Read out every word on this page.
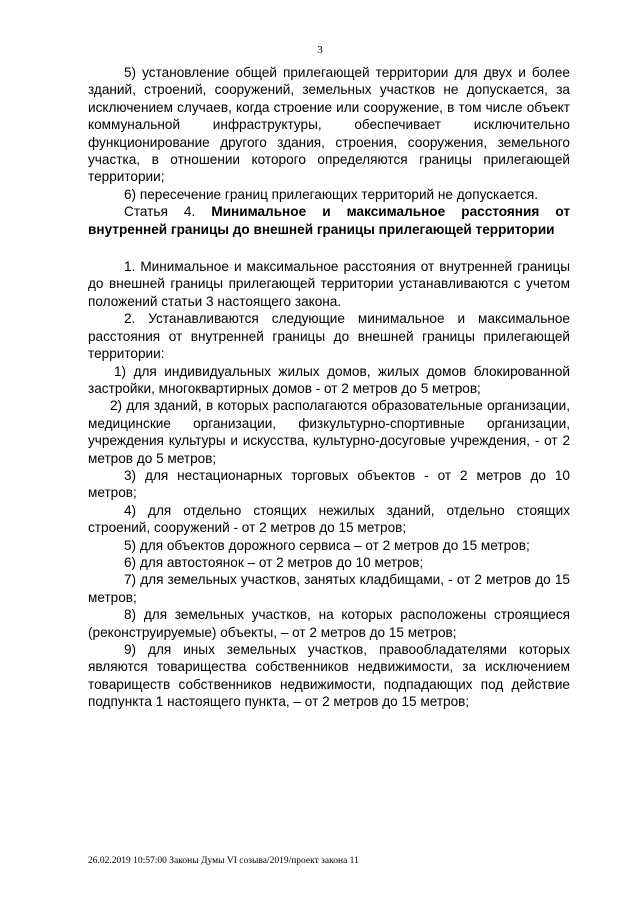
3

5) установление общей прилегающей территории для двух и более зданий, строений, сооружений, земельных участков не допускается, за исключением случаев, когда строение или сооружение, в том числе объект коммунальной инфраструктуры, обеспечивает исключительно функционирование другого здания, строения, сооружения, земельного участка, в отношении которого определяются границы прилегающей территории;

6) пересечение границ прилегающих территорий не допускается.

Статья 4. Минимальное и максимальное расстояния от внутренней границы до внешней границы прилегающей территории

1. Минимальное и максимальное расстояния от внутренней границы до внешней границы прилегающей территории устанавливаются с учетом положений статьи 3 настоящего закона.

2. Устанавливаются следующие минимальное и максимальное расстояния от внутренней границы до внешней границы прилегающей территории:

1) для индивидуальных жилых домов, жилых домов блокированной застройки, многоквартирных домов - от 2 метров до 5 метров;

2) для зданий, в которых располагаются образовательные организации, медицинские организации, физкультурно-спортивные организации, учреждения культуры и искусства, культурно-досуговые учреждения, - от 2 метров до 5 метров;

3) для нестационарных торговых объектов - от 2 метров до 10 метров;

4) для отдельно стоящих нежилых зданий, отдельно стоящих строений, сооружений - от 2 метров до 15 метров;

5) для объектов дорожного сервиса – от 2 метров до 15 метров;

6) для автостоянок – от 2 метров до 10 метров;

7) для земельных участков, занятых кладбищами, - от 2 метров до 15 метров;

8) для земельных участков, на которых расположены строящиеся (реконструируемые) объекты, – от 2 метров до 15 метров;

9) для иных земельных участков, правообладателями которых являются товарищества собственников недвижимости, за исключением товариществ собственников недвижимости, подпадающих под действие подпункта 1 настоящего пункта, – от 2 метров до 15 метров;

26.02.2019 10:57:00 Законы Думы VI созыва/2019/проект закона 11
